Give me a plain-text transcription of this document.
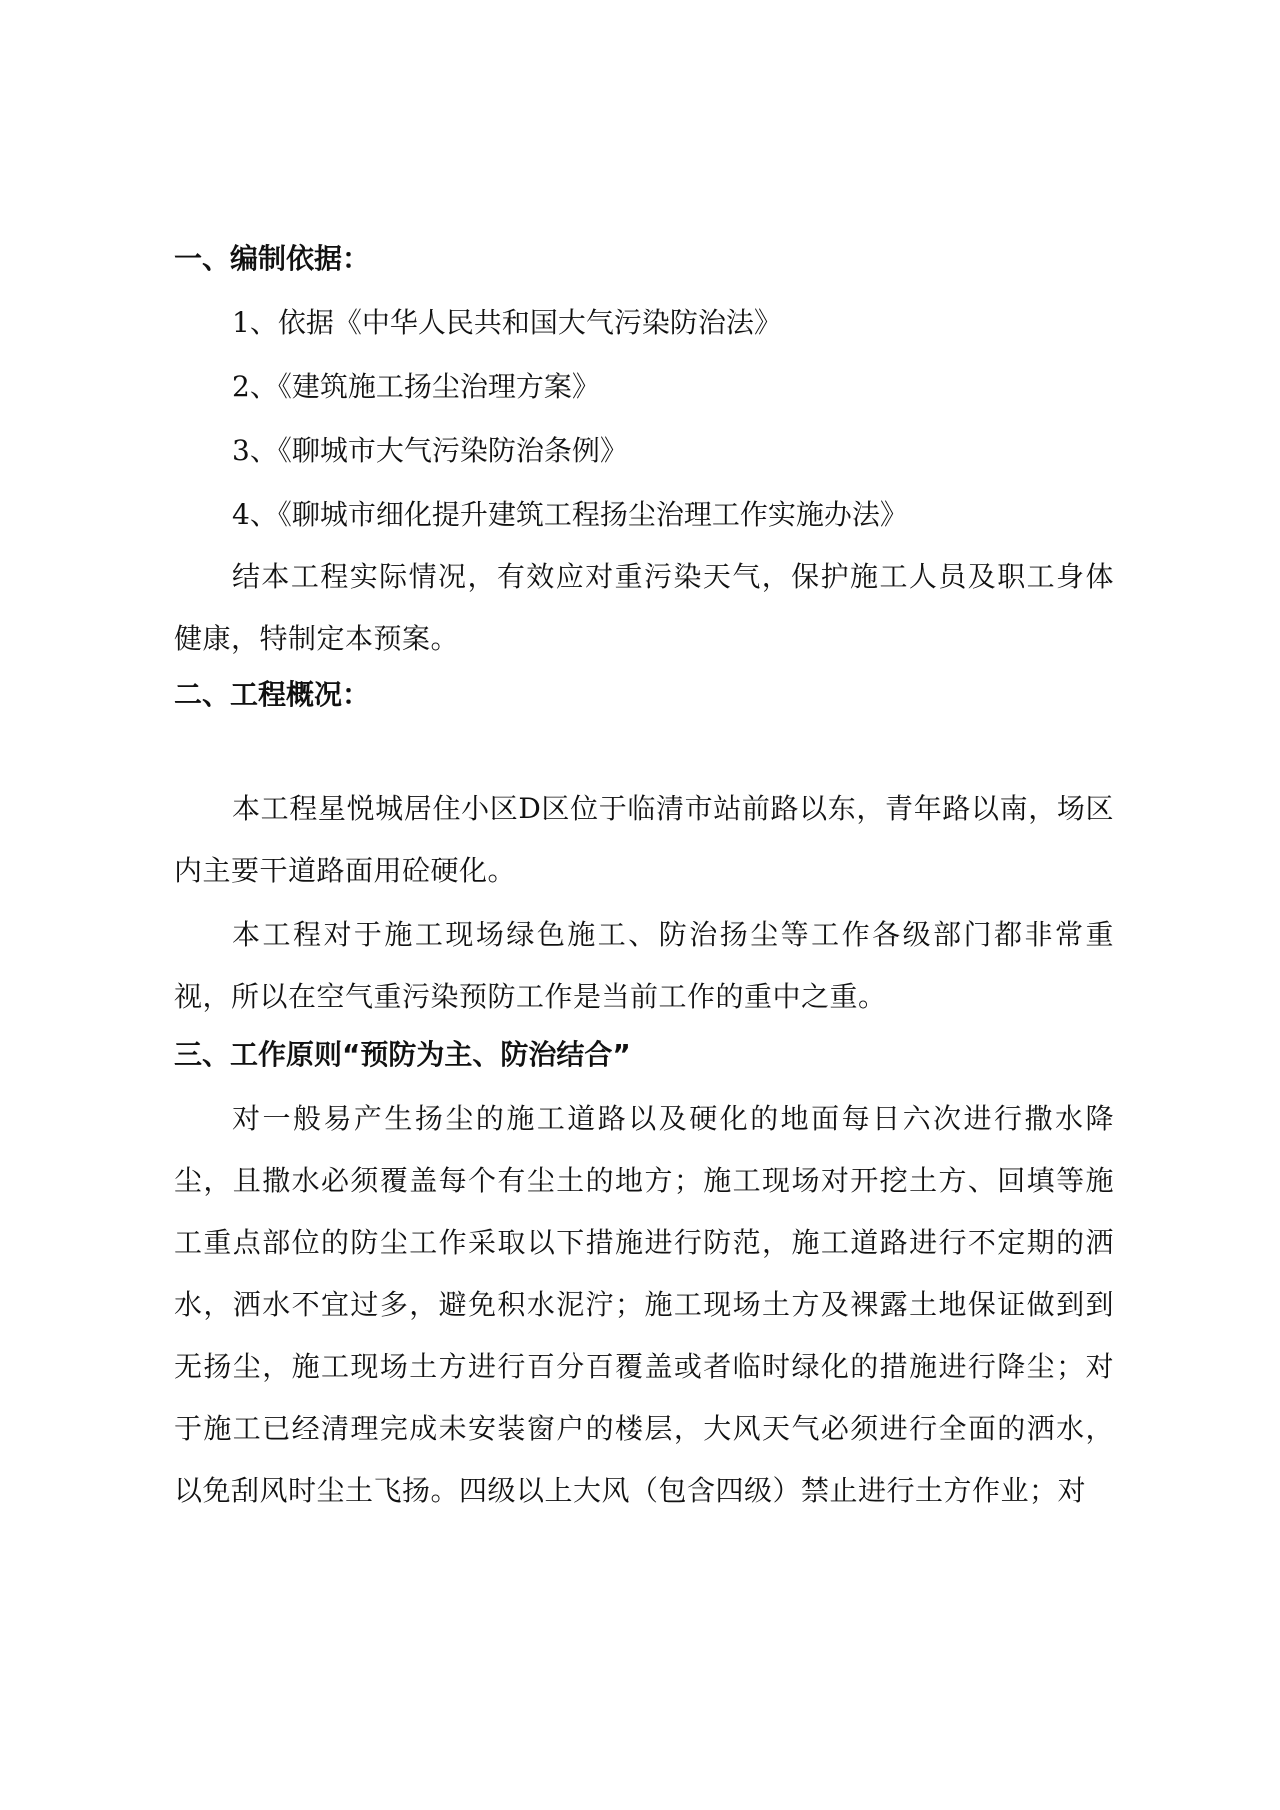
一、编制依据：
1、依据《中华人民共和国大气污染防治法》
2、《建筑施工扬尘治理方案》
3、《聊城市大气污染防治条例》
4、《聊城市细化提升建筑工程扬尘治理工作实施办法》

结本工程实际情况，有效应对重污染天气，保护施工人员及职工身体健康，特制定本预案。

二、工程概况：

本工程星悦城居住小区D区位于临清市站前路以东，青年路以南，场区内主要干道路面用砼硬化。

本工程对于施工现场绿色施工、防治扬尘等工作各级部门都非常重视，所以在空气重污染预防工作是当前工作的重中之重。

三、工作原则“预防为主、防治结合”

对一般易产生扬尘的施工道路以及硬化的地面每日六次进行撒水降尘，且撒水必须覆盖每个有尘土的地方；施工现场对开挖土方、回填等施工重点部位的防尘工作采取以下措施进行防范，施工道路进行不定期的洒水，洒水不宜过多，避免积水泥泞；施工现场土方及裸露土地保证做到到无扬尘，施工现场土方进行百分百覆盖或者临时绿化的措施进行降尘；对于施工已经清理完成未安装窗户的楼层，大风天气必须进行全面的洒水，以免刮风时尘土飞扬。四级以上大风（包含四级）禁止进行土方作业；对
